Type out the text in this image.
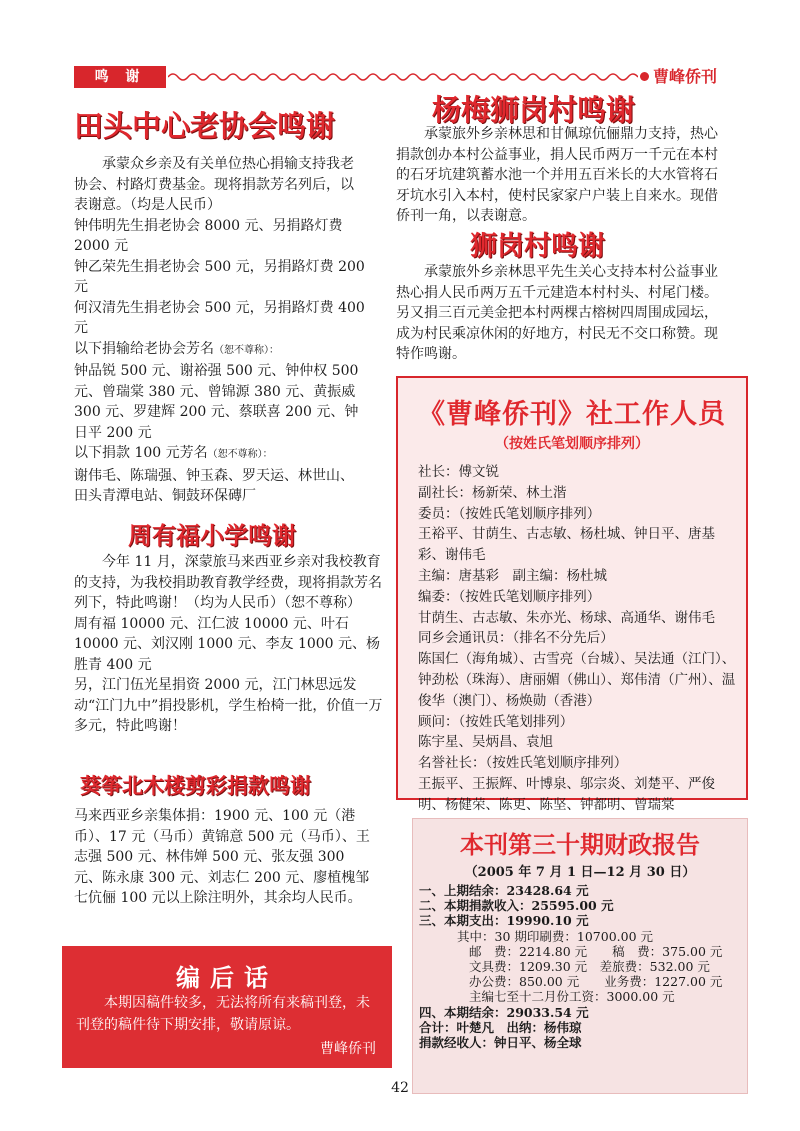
鸣 谢	曹峰侨刊
田头中心老协会鸣谢

承蒙众乡亲及有关单位热心捐输支持我老协会、村路灯费基金。现将捐款芳名列后，以表谢意。（均是人民币）

钟伟明先生捐老协会 8000 元、另捐路灯费 2000 元

钟乙荣先生捐老协会 500 元，另捐路灯费 200 元

何汉清先生捐老协会 500 元，另捐路灯费 400 元

以下捐输给老协会芳名（恕不尊称）：

钟品锐 500 元、谢裕强 500 元、钟仲权 500 元、曾瑞棠 380 元、曾锦源 380 元、黄振威 300 元、罗建辉 200 元、蔡联喜 200 元、钟日平 200 元

以下捐款 100 元芳名（恕不尊称）：

谢伟毛、陈瑞强、钟玉森、罗天运、林世山、田头青潭电站、铜鼓环保磚厂

周有福小学鸣谢

今年 11 月，深蒙旅马来西亚乡亲对我校教育的支持，为我校捐助教育教学经费，现将捐款芳名列下，特此鸣谢！（均为人民币）（恕不尊称）

周有福 10000 元、江仁波 10000 元、叶石 10000 元、刘汉刚 1000 元、李友 1000 元、杨胜青 400 元

另，江门伍光星捐资 2000 元，江门林思远发动“江门九中”捐投影机，学生枱椅一批，价值一万多元，特此鸣谢！

葵筝北木楼剪彩捐款鸣谢

马来西亚乡亲集体捐：1900 元、100 元（港币）、17 元（马币）黄锦意 500 元（马币）、王志强 500 元、林伟婵 500 元、张友强 300 元、陈永康 300 元、刘志仁 200 元、廖植槐邹七伉俪 100 元以上除注明外，其余均人民币。

编后话

本期因稿件较多，无法将所有来稿刊登，未刊登的稿件待下期安排，敬请原谅。

曹峰侨刊
杨梅狮岗村鸣谢

承蒙旅外乡亲林思和甘佩琼伉俪鼎力支持，热心捐款创办本村公益事业，捐人民币两万一千元在本村的石牙坑建筑蓄水池一个并用五百米长的大水管将石牙坑水引入本村，使村民家家户户装上自来水。现借侨刊一角，以表谢意。

狮岗村鸣谢

承蒙旅外乡亲林思平先生关心支持本村公益事业热心捐人民币两万五千元建造本村村头、村尾门楼。另又捐三百元美金把本村两棵古榕树四周围成园坛，成为村民乘凉休闲的好地方，村民无不交口称赞。现特作鸣谢。

《曹峰侨刊》社工作人员
（按姓氏笔划顺序排列）

社长：傅文锐

副社长：杨新荣、林土湝

委员：（按姓氏笔划顺序排列）

王裕平、甘荫生、古志敏、杨杜城、钟日平、唐基彩、谢伟毛

主编：唐基彩　副主编：杨杜城

编委：（按姓氏笔划顺序排列）

甘荫生、古志敏、朱亦光、杨球、高通华、谢伟毛

同乡会通讯员：（排名不分先后）

陈国仁（海角城）、古雪亮（台城）、吴法通（江门）、钟劲松（珠海）、唐丽媚（佛山）、郑伟清（广州）、温俊华（澳门）、杨焕勋（香港）

顾问：（按姓氏笔划排列）

陈宇星、吴炳昌、袁旭

名誉社长：（按姓氏笔划顺序排列）

王振平、王振辉、叶博泉、邬宗炎、刘楚平、严俊明、杨健荣、陈更、陈坚、钟都明、曾瑞棠

本刊第三十期财政报告
（2005 年 7 月 1 日—12 月 30 日）

一、上期结余：23428.64 元

二、本期捐款收入：25595.00 元

三、本期支出：19990.10 元

其中：30 期印刷费：10700.00 元

邮　费：2214.80 元　　稿　费：375.00 元

文具费：1209.30 元　差旅费：532.00 元

办公费：850.00 元　　业务费：1227.00 元

主编七至十二月份工资：3000.00 元

四、本期结余：29033.54 元

合计：叶楚凡　出纳：杨伟琼

捐款经收人：钟日平、杨全球

42
